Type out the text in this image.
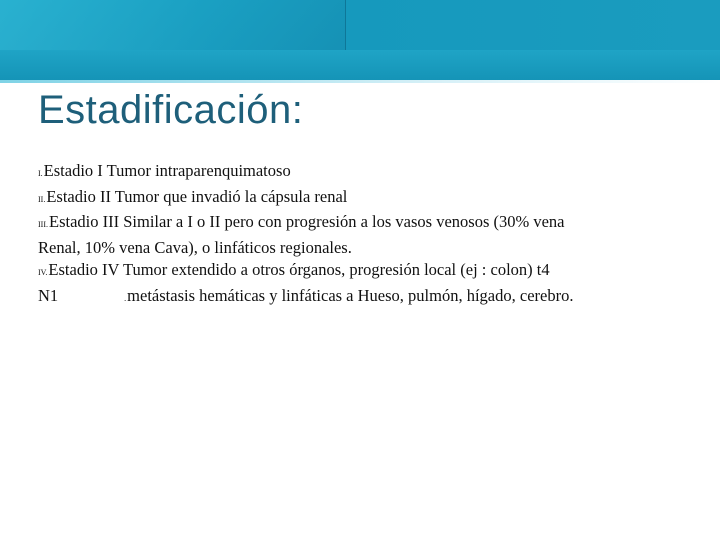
Estadificación:
I.Estadio I Tumor intraparenquimatoso
II.Estadio II Tumor que invadió la cápsula renal
III.Estadio III Similar a I o II pero con progresión a los vasos venosos (30% vena
Renal, 10% vena Cava), o linfáticos regionales.
IV.Estadio IV Tumor extendido a otros órganos, progresión local (ej : colon) t4
N1	.metástasis hemáticas y linfáticas a Hueso, pulmón, hígado, cerebro.
